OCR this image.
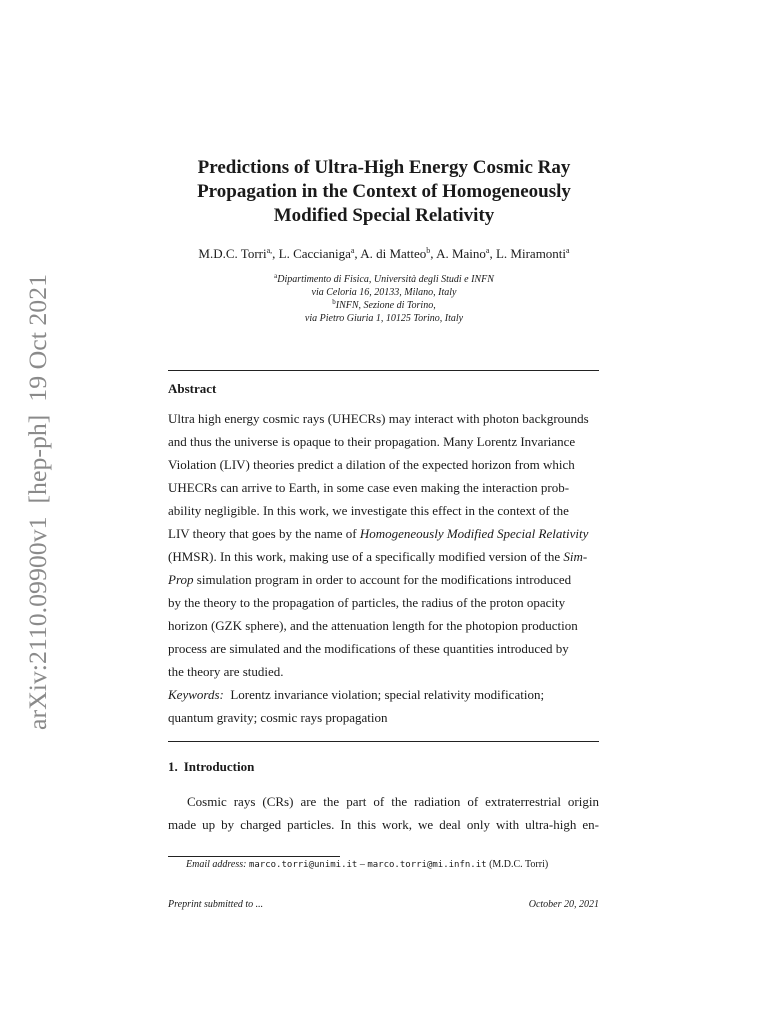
arXiv:2110.09900v1  [hep-ph]  19 Oct 2021
Predictions of Ultra-High Energy Cosmic Ray
Propagation in the Context of Homogeneously
Modified Special Relativity
M.D.C. Torri$^{a,}$, L. Caccianiga$^a$, A. di Matteo$^b$, A. Maino$^a$, L. Miramonti$^a$
$^a$Dipartimento di Fisica, Università degli Studi e INFN
via Celoria 16, 20133, Milano, Italy
$^b$INFN, Sezione di Torino,
via Pietro Giuria 1, 10125 Torino, Italy
Abstract
Ultra high energy cosmic rays (UHECRs) may interact with photon backgrounds
and thus the universe is opaque to their propagation. Many Lorentz Invariance
Violation (LIV) theories predict a dilation of the expected horizon from which
UHECRs can arrive to Earth, in some case even making the interaction prob-
ability negligible. In this work, we investigate this effect in the context of the
LIV theory that goes by the name of Homogeneously Modified Special Relativity
(HMSR). In this work, making use of a specifically modified version of the Sim-
Prop simulation program in order to account for the modifications introduced
by the theory to the propagation of particles, the radius of the proton opacity
horizon (GZK sphere), and the attenuation length for the photopion production
process are simulated and the modifications of these quantities introduced by
the theory are studied.
Keywords: Lorentz invariance violation; special relativity modification;
quantum gravity; cosmic rays propagation
1. Introduction
Cosmic rays (CRs) are the part of the radiation of extraterrestrial origin
made up by charged particles. In this work, we deal only with ultra-high en-
Email address: marco.torri@unimi.it – marco.torri@mi.infn.it (M.D.C. Torri)
Preprint submitted to ...	October 20, 2021
